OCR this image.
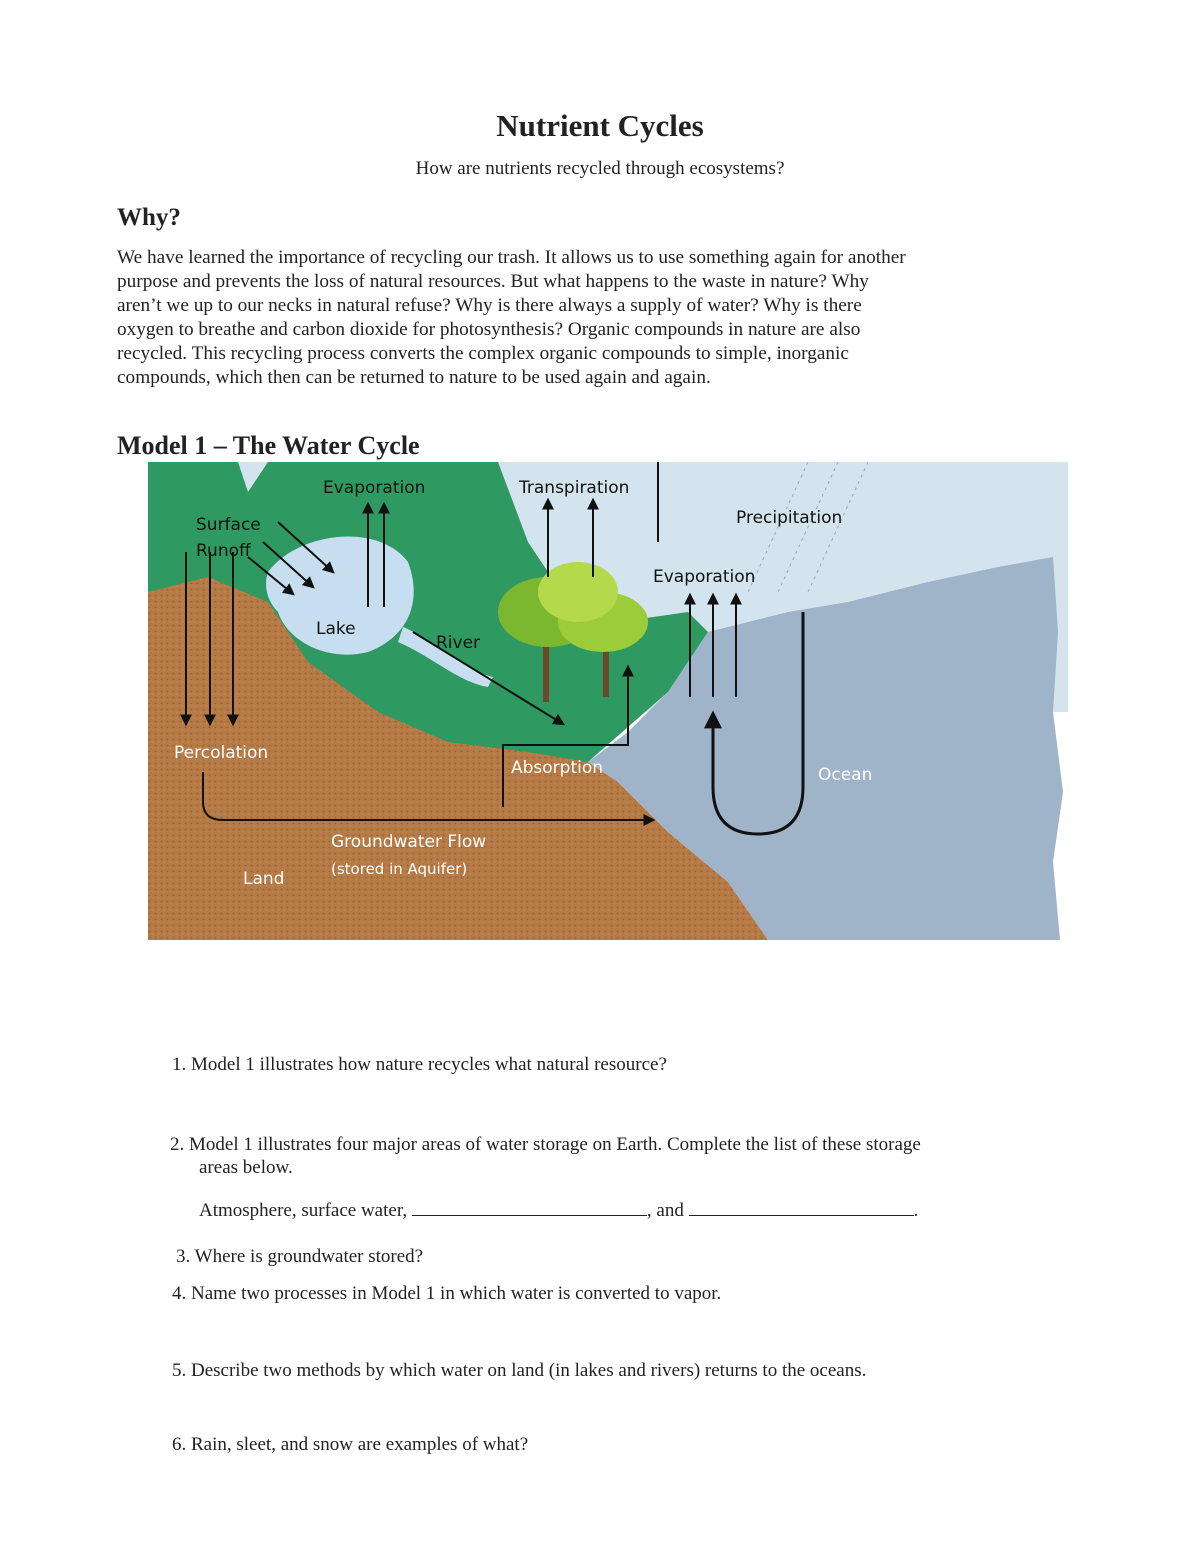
Nutrient Cycles

How are nutrients recycled through ecosystems?

Why?
We have learned the importance of recycling our trash. It allows us to use something again for another
purpose and prevents the loss of natural resources. But what happens to the waste in nature? Why
aren’t we up to our necks in natural refuse? Why is there always a supply of water? Why is there
oxygen to breathe and carbon dioxide for photosynthesis? Organic compounds in nature are also
recycled. This recycling process converts the complex organic compounds to simple, inorganic
compounds, which then can be returned to nature to be used again and again.
Model 1 – The Water Cycle
Evaporation	Transpiration
Precipitation
Surface
Runoff
Evaporation
Lake
River
Percolation
Absorption	Ocean
Groundwater Flow
(stored in Aquifer)
Land
1. Model 1 illustrates how nature recycles what natural resource?
2. Model 1 illustrates four major areas of water storage on Earth. Complete the list of these storage
areas below.
Atmosphere, surface water,	, and	.
3. Where is groundwater stored?
4. Name two processes in Model 1 in which water is converted to vapor.
5. Describe two methods by which water on land (in lakes and rivers) returns to the oceans.
6. Rain, sleet, and snow are examples of what?
